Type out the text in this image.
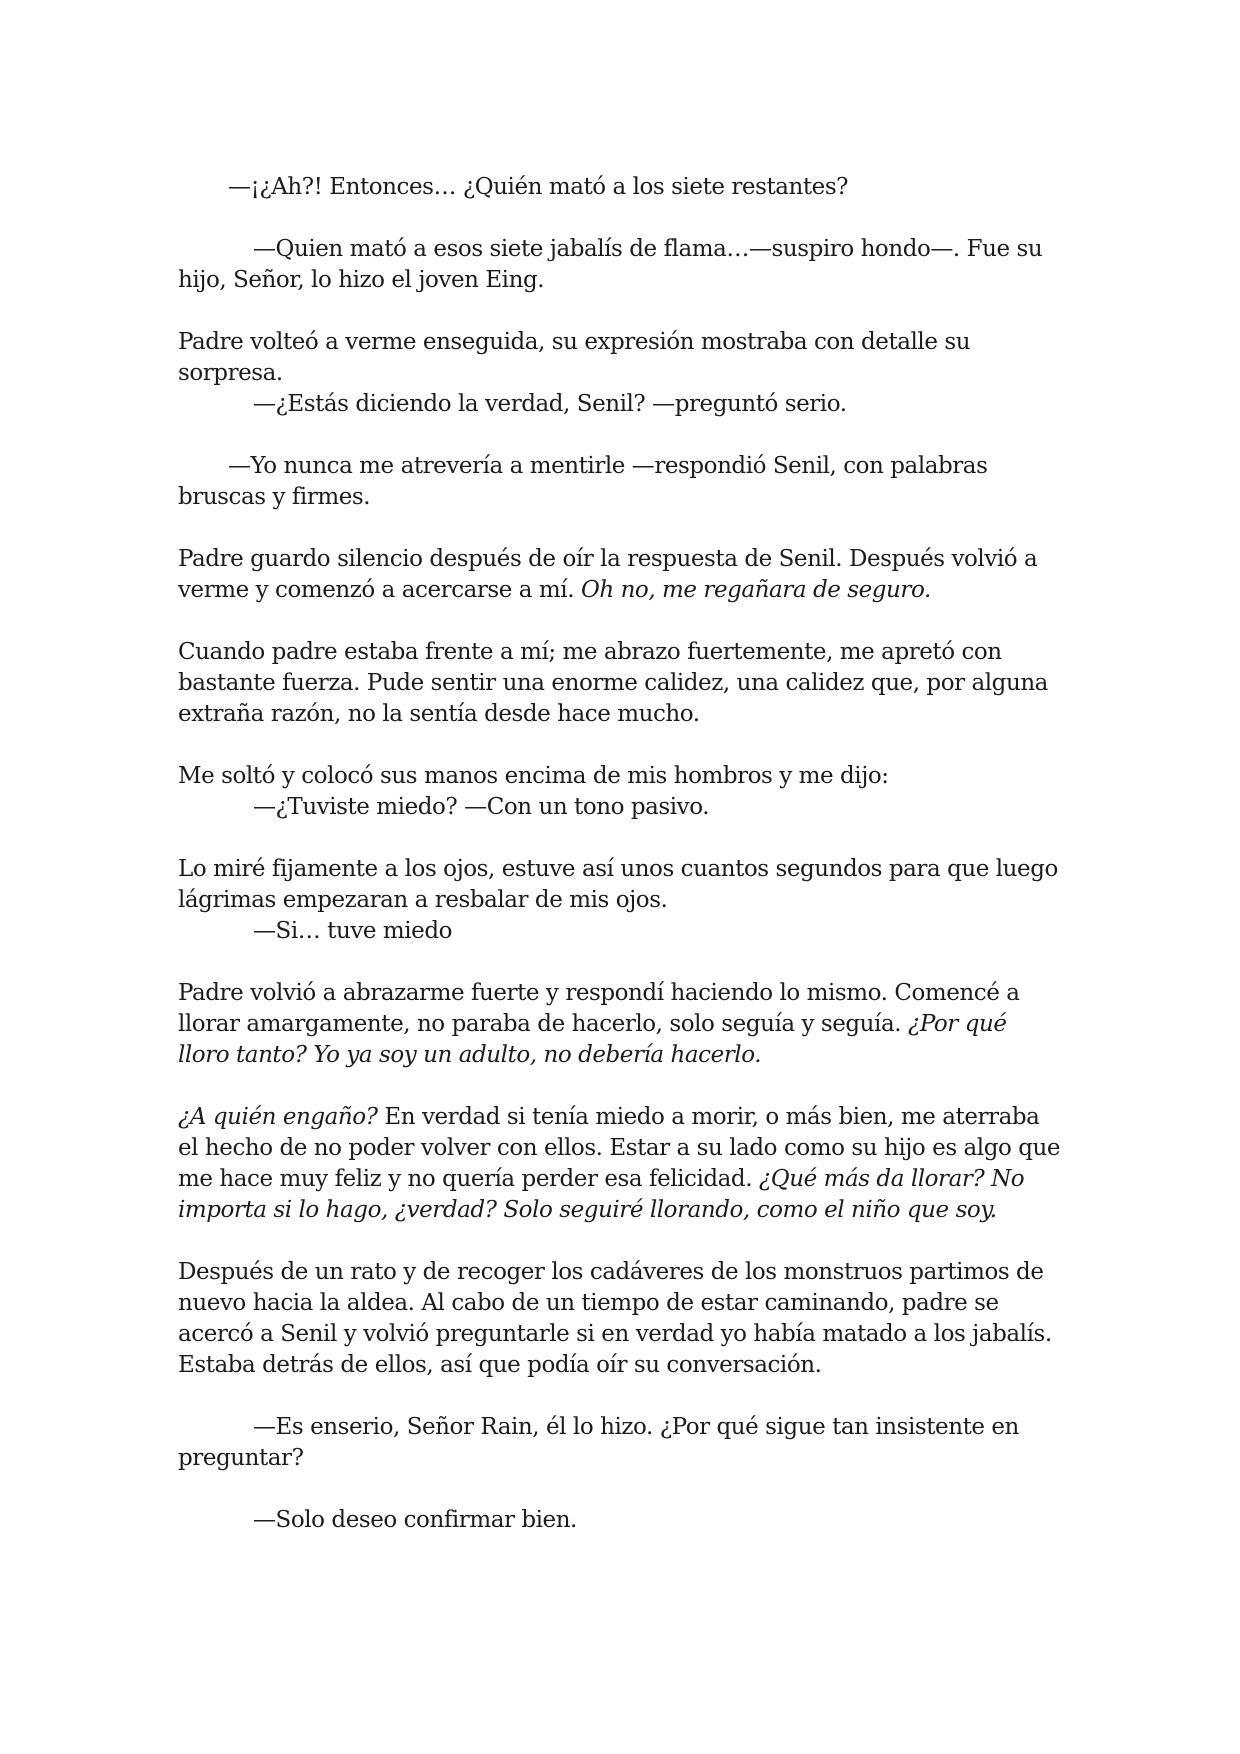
—¡¿Ah?! Entonces… ¿Quién mató a los siete restantes?

—Quien mató a esos siete jabalís de flama…—suspiro hondo—. Fue su hijo, Señor, lo hizo el joven Eing.

Padre volteó a verme enseguida, su expresión mostraba con detalle su sorpresa.

—¿Estás diciendo la verdad, Senil? —preguntó serio.

—Yo nunca me atrevería a mentirle —respondió Senil, con palabras bruscas y firmes.

Padre guardo silencio después de oír la respuesta de Senil. Después volvió a verme y comenzó a acercarse a mí. Oh no, me regañara de seguro.

Cuando padre estaba frente a mí; me abrazo fuertemente, me apretó con bastante fuerza. Pude sentir una enorme calidez, una calidez que, por alguna extraña razón, no la sentía desde hace mucho.

Me soltó y colocó sus manos encima de mis hombros y me dijo:

—¿Tuviste miedo? —Con un tono pasivo.

Lo miré fijamente a los ojos, estuve así unos cuantos segundos para que luego lágrimas empezaran a resbalar de mis ojos.

—Si… tuve miedo

Padre volvió a abrazarme fuerte y respondí haciendo lo mismo. Comencé a llorar amargamente, no paraba de hacerlo, solo seguía y seguía. ¿Por qué lloro tanto? Yo ya soy un adulto, no debería hacerlo.

¿A quién engaño? En verdad si tenía miedo a morir, o más bien, me aterraba el hecho de no poder volver con ellos. Estar a su lado como su hijo es algo que me hace muy feliz y no quería perder esa felicidad. ¿Qué más da llorar? No importa si lo hago, ¿verdad? Solo seguiré llorando, como el niño que soy.

Después de un rato y de recoger los cadáveres de los monstruos partimos de nuevo hacia la aldea. Al cabo de un tiempo de estar caminando, padre se acercó a Senil y volvió preguntarle si en verdad yo había matado a los jabalís. Estaba detrás de ellos, así que podía oír su conversación.

—Es enserio, Señor Rain, él lo hizo. ¿Por qué sigue tan insistente en preguntar?

—Solo deseo confirmar bien.
